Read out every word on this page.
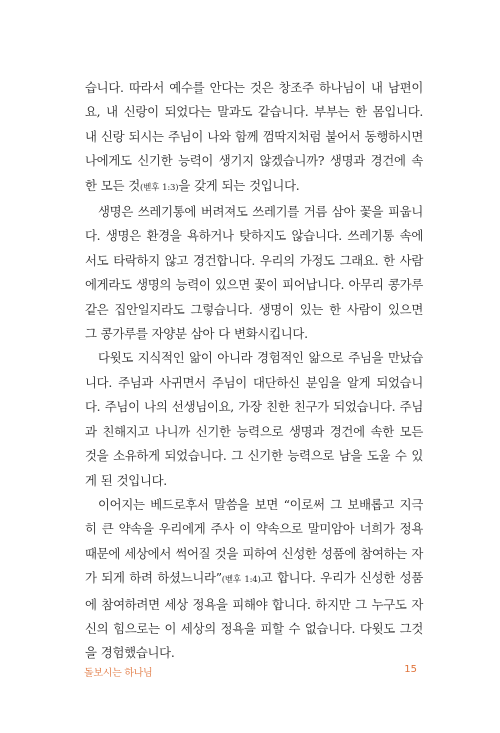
습니다. 따라서 예수를 안다는 것은 창조주 하나님이 내 남편이요, 내 신랑이 되었다는 말과도 같습니다. 부부는 한 몸입니다. 내 신랑 되시는 주님이 나와 함께 껌딱지처럼 붙어서 동행하시면 나에게도 신기한 능력이 생기지 않겠습니까? 생명과 경건에 속한 모든 것(벧후 1:3)을 갖게 되는 것입니다.

생명은 쓰레기통에 버려져도 쓰레기를 거름 삼아 꽃을 피웁니다. 생명은 환경을 욕하거나 탓하지도 않습니다. 쓰레기통 속에서도 타락하지 않고 경건합니다. 우리의 가정도 그래요. 한 사람에게라도 생명의 능력이 있으면 꽃이 피어납니다. 아무리 콩가루 같은 집안일지라도 그렇습니다. 생명이 있는 한 사람이 있으면 그 콩가루를 자양분 삼아 다 변화시킵니다.

다윗도 지식적인 앎이 아니라 경험적인 앎으로 주님을 만났습니다. 주님과 사귀면서 주님이 대단하신 분임을 알게 되었습니다. 주님이 나의 선생님이요, 가장 친한 친구가 되었습니다. 주님과 친해지고 나니까 신기한 능력으로 생명과 경건에 속한 모든 것을 소유하게 되었습니다. 그 신기한 능력으로 남을 도울 수 있게 된 것입니다.

이어지는 베드로후서 말씀을 보면 “이로써 그 보배롭고 지극히 큰 약속을 우리에게 주사 이 약속으로 말미암아 너희가 정욕 때문에 세상에서 썩어질 것을 피하여 신성한 성품에 참여하는 자가 되게 하려 하셨느니라”(벧후 1:4)고 합니다. 우리가 신성한 성품에 참여하려면 세상 정욕을 피해야 합니다. 하지만 그 누구도 자신의 힘으로는 이 세상의 정욕을 피할 수 없습니다. 다윗도 그것을 경험했습니다.

돌보시는 하나님	15
